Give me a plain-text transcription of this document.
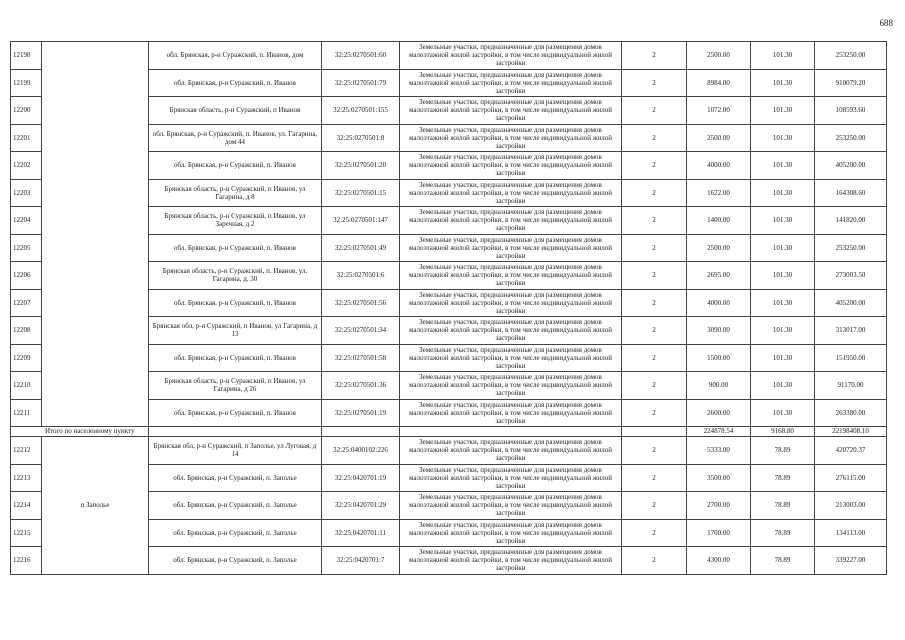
688
12198		обл. Брянская, р-н Суражский, п. Иванов, дом	32:25:0270501:60	Земельные участки, предназначенные для размещения домов малоэтажной жилой застройки, в том числе индивидуальной жилой застройки	2	2500.00	101.30	253250.00
12199		обл. Брянская, р-н Суражский, п. Иванов	32:25:0270501:79	Земельные участки, предназначенные для размещения домов малоэтажной жилой застройки, в том числе индивидуальной жилой застройки	2	8984.00	101.30	910079.20
12200		Брянская область, р-н Суражский, п Иванов	32:25:0270501:155	Земельные участки, предназначенные для размещения домов малоэтажной жилой застройки, в том числе индивидуальной жилой застройки	2	1072.00	101.30	108593.60
12201		обл. Брянская, р-н Суражский, п. Иванов, ул. Гагарина, дом 44	32:25:0270501:8	Земельные участки, предназначенные для размещения домов малоэтажной жилой застройки, в том числе индивидуальной жилой застройки	2	2500.00	101.30	253250.00
12202		обл. Брянская, р-н Суражский, п. Иванов	32:25:0270501:20	Земельные участки, предназначенные для размещения домов малоэтажной жилой застройки, в том числе индивидуальной жилой застройки	2	4000.00	101.30	405200.00
12203		Брянская область, р-н Суражский, п Иванов, ул Гагарина, д 8	32:25:0270501:15	Земельные участки, предназначенные для размещения домов малоэтажной жилой застройки, в том числе индивидуальной жилой застройки	2	1622.00	101.30	164308.60
12204		Брянская область, р-н Суражский, п Иванов, ул Заречная, д 2	32:25:0270501:147	Земельные участки, предназначенные для размещения домов малоэтажной жилой застройки, в том числе индивидуальной жилой застройки	2	1400.00	101.30	141820.00
12205		обл. Брянская, р-н Суражский, п. Иванов	32:25:0270501:49	Земельные участки, предназначенные для размещения домов малоэтажной жилой застройки, в том числе индивидуальной жилой застройки	2	2500.00	101.30	253250.00
12206		Брянская область, р-н Суражский, п. Иванов, ул. Гагарина, д. 30	32:25:0270501:6	Земельные участки, предназначенные для размещения домов малоэтажной жилой застройки, в том числе индивидуальной жилой застройки	2	2695.00	101.30	273003.50
12207		обл. Брянская, р-н Суражский, п. Иванов	32:25:0270501:56	Земельные участки, предназначенные для размещения домов малоэтажной жилой застройки, в том числе индивидуальной жилой застройки	2	4000.00	101.30	405200.00
12208		Брянская обл, р-н Суражский, п Иванов, ул Гагарина, д 13	32:25:0270501:34	Земельные участки, предназначенные для размещения домов малоэтажной жилой застройки, в том числе индивидуальной жилой застройки	2	3090.00	101.30	313017.00
12209		обл. Брянская, р-н Суражский, п. Иванов	32:25:0270501:58	Земельные участки, предназначенные для размещения домов малоэтажной жилой застройки, в том числе индивидуальной жилой застройки	2	1500.00	101.30	151950.00
12210		Брянская область, р-н Суражский, п Иванов, ул Гагарина, д 26	32:25:0270501:36	Земельные участки, предназначенные для размещения домов малоэтажной жилой застройки, в том числе индивидуальной жилой застройки	2	900.00	101.30	91170.00
12211		обл. Брянская, р-н Суражский, п. Иванов	32:25:0270501:19	Земельные участки, предназначенные для размещения домов малоэтажной жилой застройки, в том числе индивидуальной жилой застройки	2	2600.00	101.30	263380.00
Итого по населенному пункту						224878.54	9168.80	22198408.10
12212	п Заполье	Брянская обл, р-н Суражский, п Заполье, ул Луговая, д 14	32:25:0400102:226	Земельные участки, предназначенные для размещения домов малоэтажной жилой застройки, в том числе индивидуальной жилой застройки	2	5333.00	78.89	420720.37
12213		обл. Брянская, р-н Суражский, п. Заполье	32:25:0420701:19	Земельные участки, предназначенные для размещения домов малоэтажной жилой застройки, в том числе индивидуальной жилой застройки	2	3500.00	78.89	276115.00
12214		обл. Брянская, р-н Суражский, п. Заполье	32:25:0420701:29	Земельные участки, предназначенные для размещения домов малоэтажной жилой застройки, в том числе индивидуальной жилой застройки	2	2700.00	78.89	213003.00
12215		обл. Брянская, р-н Суражский, п. Заполье	32:25:0420701:11	Земельные участки, предназначенные для размещения домов малоэтажной жилой застройки, в том числе индивидуальной жилой застройки	2	1700.00	78.89	134113.00
12216		обл. Брянская, р-н Суражский, п. Заполье	32:25:0420701:7	Земельные участки, предназначенные для размещения домов малоэтажной жилой застройки, в том числе индивидуальной жилой застройки	2	4300.00	78.89	339227.00
